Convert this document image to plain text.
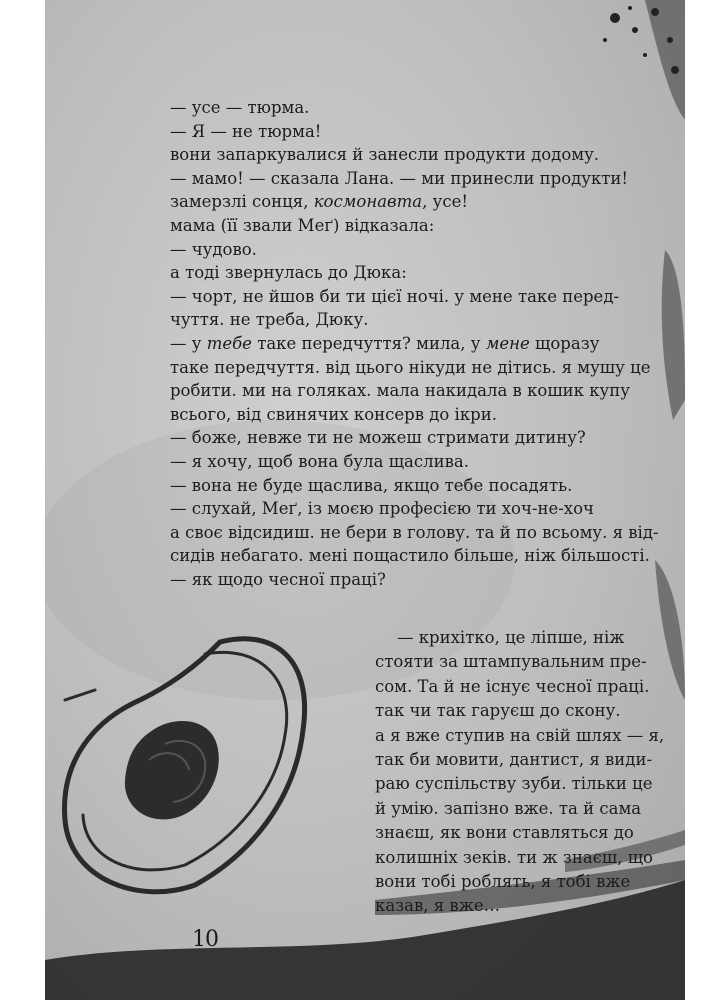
— усе — тюрма.
— Я — не тюрма!
вони запаркувалися й занесли продукти додому.
— мамо! — сказала Лана. — ми принесли продукти!
замерзлі сонця, космонавта, усе!
мама (її звали Меґ) відказала:
— чудово.
а тоді звернулась до Дюка:
— чорт, не йшов би ти цієї ночі. у мене таке перед-
чуття. не треба, Дюку.
— у тебе таке передчуття? мила, у мене щоразу
таке передчуття. від цього нікуди не дітись. я мушу це
робити. ми на голяках. мала накидала в кошик купу
всього, від свинячих консерв до ікри.
— боже, невже ти не можеш стримати дитину?
— я хочу, щоб вона була щаслива.
— вона не буде щаслива, якщо тебе посадять.
— слухай, Меґ, із моєю професією ти хоч-не-хоч
а своє відсидиш. не бери в голову. та й по всьому. я від-
сидів небагато. мені пощастило більше, ніж більшості.
— як щодо чесної праці?
— крихітко, це ліпше, ніж
стояти за штампувальним пре-
сом. Та й не існує чесної праці.
так чи так гаруєш до скону.
а я вже ступив на свій шлях — я,
так би мовити, дантист, я види-
раю суспільству зуби. тільки це
й умію. запізно вже. та й сама
знаєш, як вони ставляться до
колишніх зеків. ти ж знаєш, що
вони тобі роблять, я тобі вже
казав, я вже…
10
